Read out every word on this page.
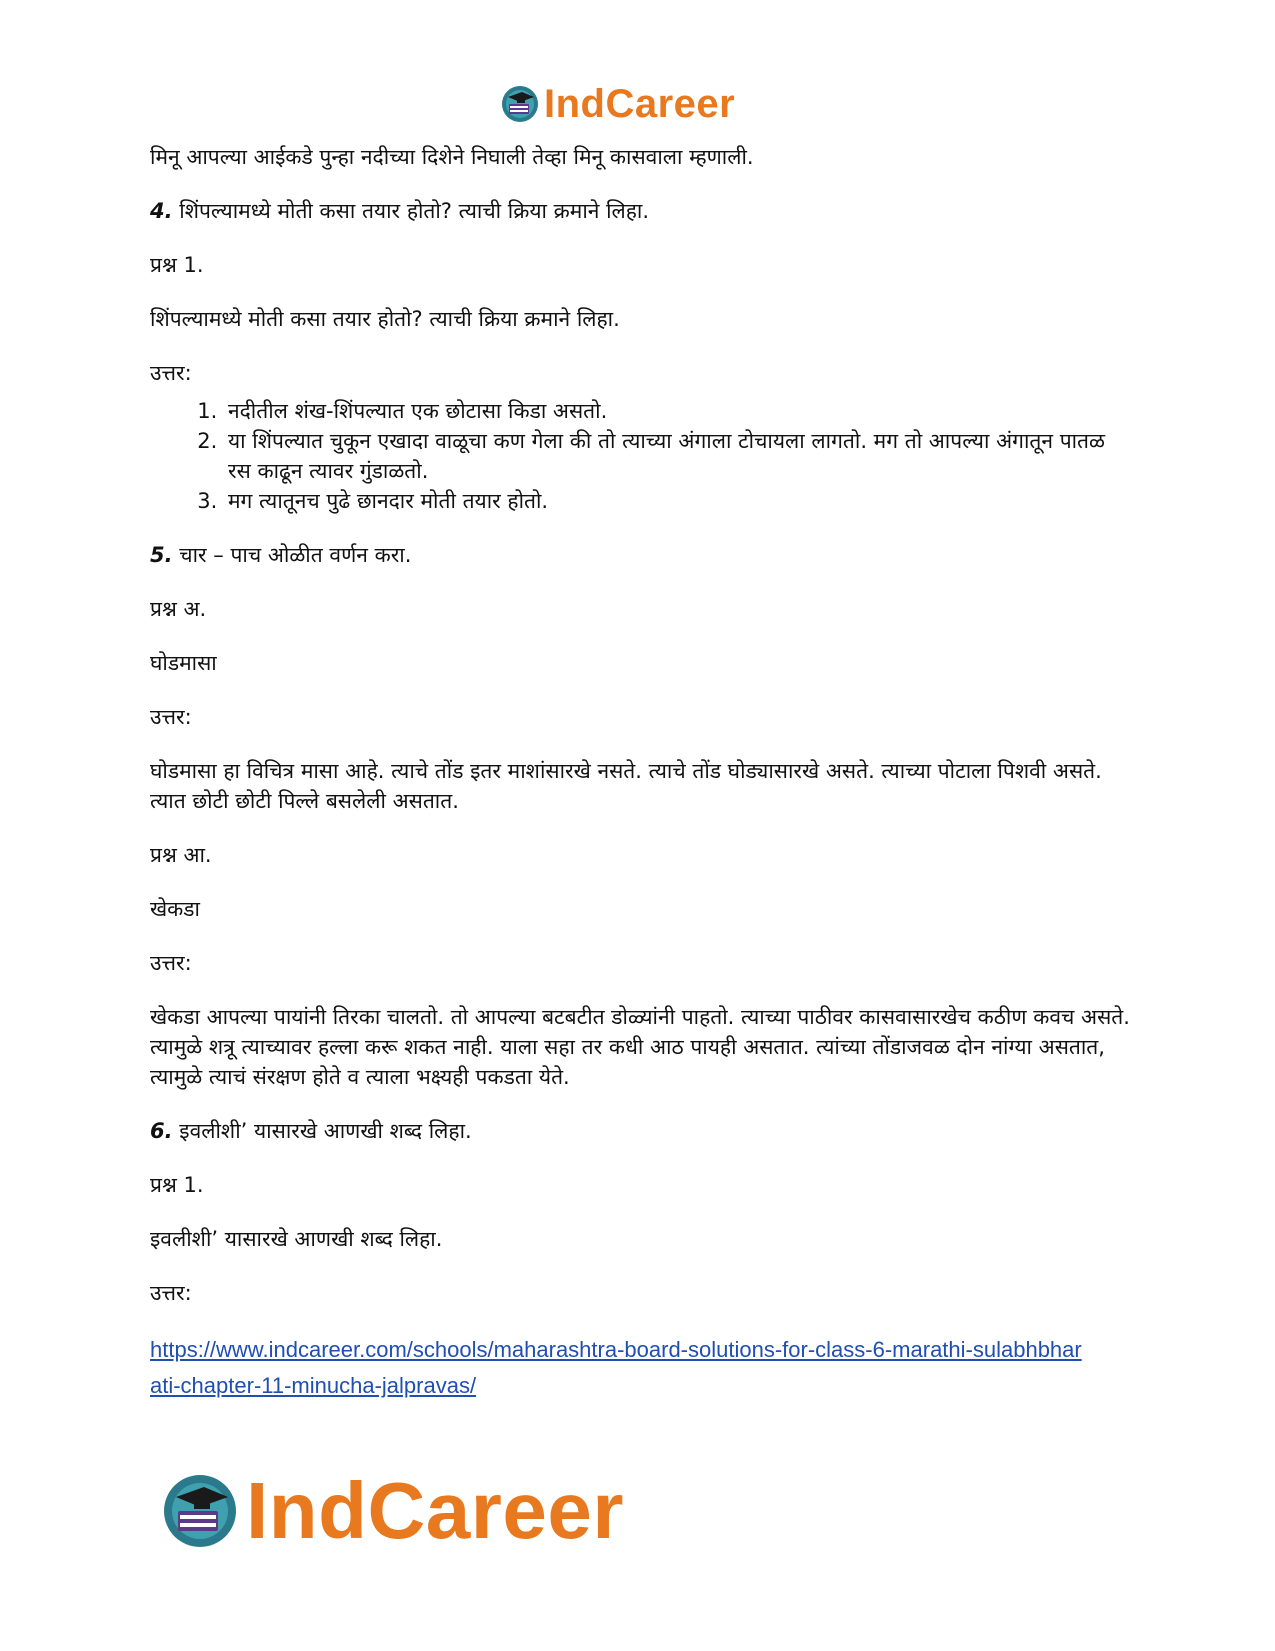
IndCareer

मिनू आपल्या आईकडे पुन्हा नदीच्या दिशेने निघाली तेव्हा मिनू कासवाला म्हणाली.

4. शिंपल्यामध्ये मोती कसा तयार होतो? त्याची क्रिया क्रमाने लिहा.

प्रश्न 1.

शिंपल्यामध्ये मोती कसा तयार होतो? त्याची क्रिया क्रमाने लिहा.

उत्तर:

1. नदीतील शंख-शिंपल्यात एक छोटासा किडा असतो.
2. या शिंपल्यात चुकून एखादा वाळूचा कण गेला की तो त्याच्या अंगाला टोचायला लागतो. मग तो आपल्या अंगातून पातळ रस काढून त्यावर गुंडाळतो.
3. मग त्यातूनच पुढे छानदार मोती तयार होतो.

5. चार – पाच ओळीत वर्णन करा.

प्रश्न अ.

घोडमासा

उत्तर:

घोडमासा हा विचित्र मासा आहे. त्याचे तोंड इतर माशांसारखे नसते. त्याचे तोंड घोड्यासारखे असते. त्याच्या पोटाला पिशवी असते. त्यात छोटी छोटी पिल्ले बसलेली असतात.

प्रश्न आ.

खेकडा

उत्तर:

खेकडा आपल्या पायांनी तिरका चालतो. तो आपल्या बटबटीत डोळ्यांनी पाहतो. त्याच्या पाठीवर कासवासारखेच कठीण कवच असते. त्यामुळे शत्रू त्याच्यावर हल्ला करू शकत नाही. याला सहा तर कधी आठ पायही असतात. त्यांच्या तोंडाजवळ दोन नांग्या असतात, त्यामुळे त्याचं संरक्षण होते व त्याला भक्ष्यही पकडता येते.

6. इवलीशी’ यासारखे आणखी शब्द लिहा.

प्रश्न 1.

इवलीशी’ यासारखे आणखी शब्द लिहा.

उत्तर:

https://www.indcareer.com/schools/maharashtra-board-solutions-for-class-6-marathi-sulabhbhar
ati-chapter-11-minucha-jalpravas/
IndCareer
